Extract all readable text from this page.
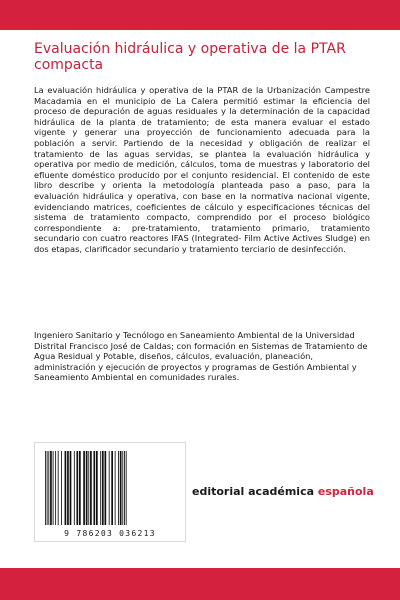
Evaluación hidráulica y operativa de la PTAR compacta

La evaluación hidráulica y operativa de la PTAR de la Urbanización Campestre Macadamia en el municipio de La Calera permitió estimar la eficiencia del proceso de depuración de aguas residuales y la determinación de la capacidad hidráulica de la planta de tratamiento; de esta manera evaluar el estado vigente y generar una proyección de funcionamiento adecuada para la población a servir. Partiendo de la necesidad y obligación de realizar el tratamiento de las aguas servidas, se plantea la evaluación hidráulica y operativa por medio de medición, cálculos, toma de muestras y laboratorio del efluente doméstico producido por el conjunto residencial. El contenido de este libro describe y orienta la metodología planteada paso a paso, para la evaluación hidráulica y operativa, con base en la normativa nacional vigente, evidenciando matrices, coeficientes de cálculo y especificaciones técnicas del sistema de tratamiento compacto, comprendido por el proceso biológico correspondiente a: pre-tratamiento, tratamiento primario, tratamiento secundario con cuatro reactores IFAS (Integrated- Film Active Actives Sludge) en dos etapas, clarificador secundario y tratamiento terciario de desinfección.

Ingeniero Sanitario y Tecnólogo en Saneamiento Ambiental de la Universidad Distrital Francisco José de Caldas; con formación en Sistemas de Tratamiento de Agua Residual y Potable, diseños, cálculos, evaluación, planeación, administración y ejecución de proyectos y programas de Gestión Ambiental y Saneamiento Ambiental en comunidades rurales.

9 786203 036213
editorial académica española
